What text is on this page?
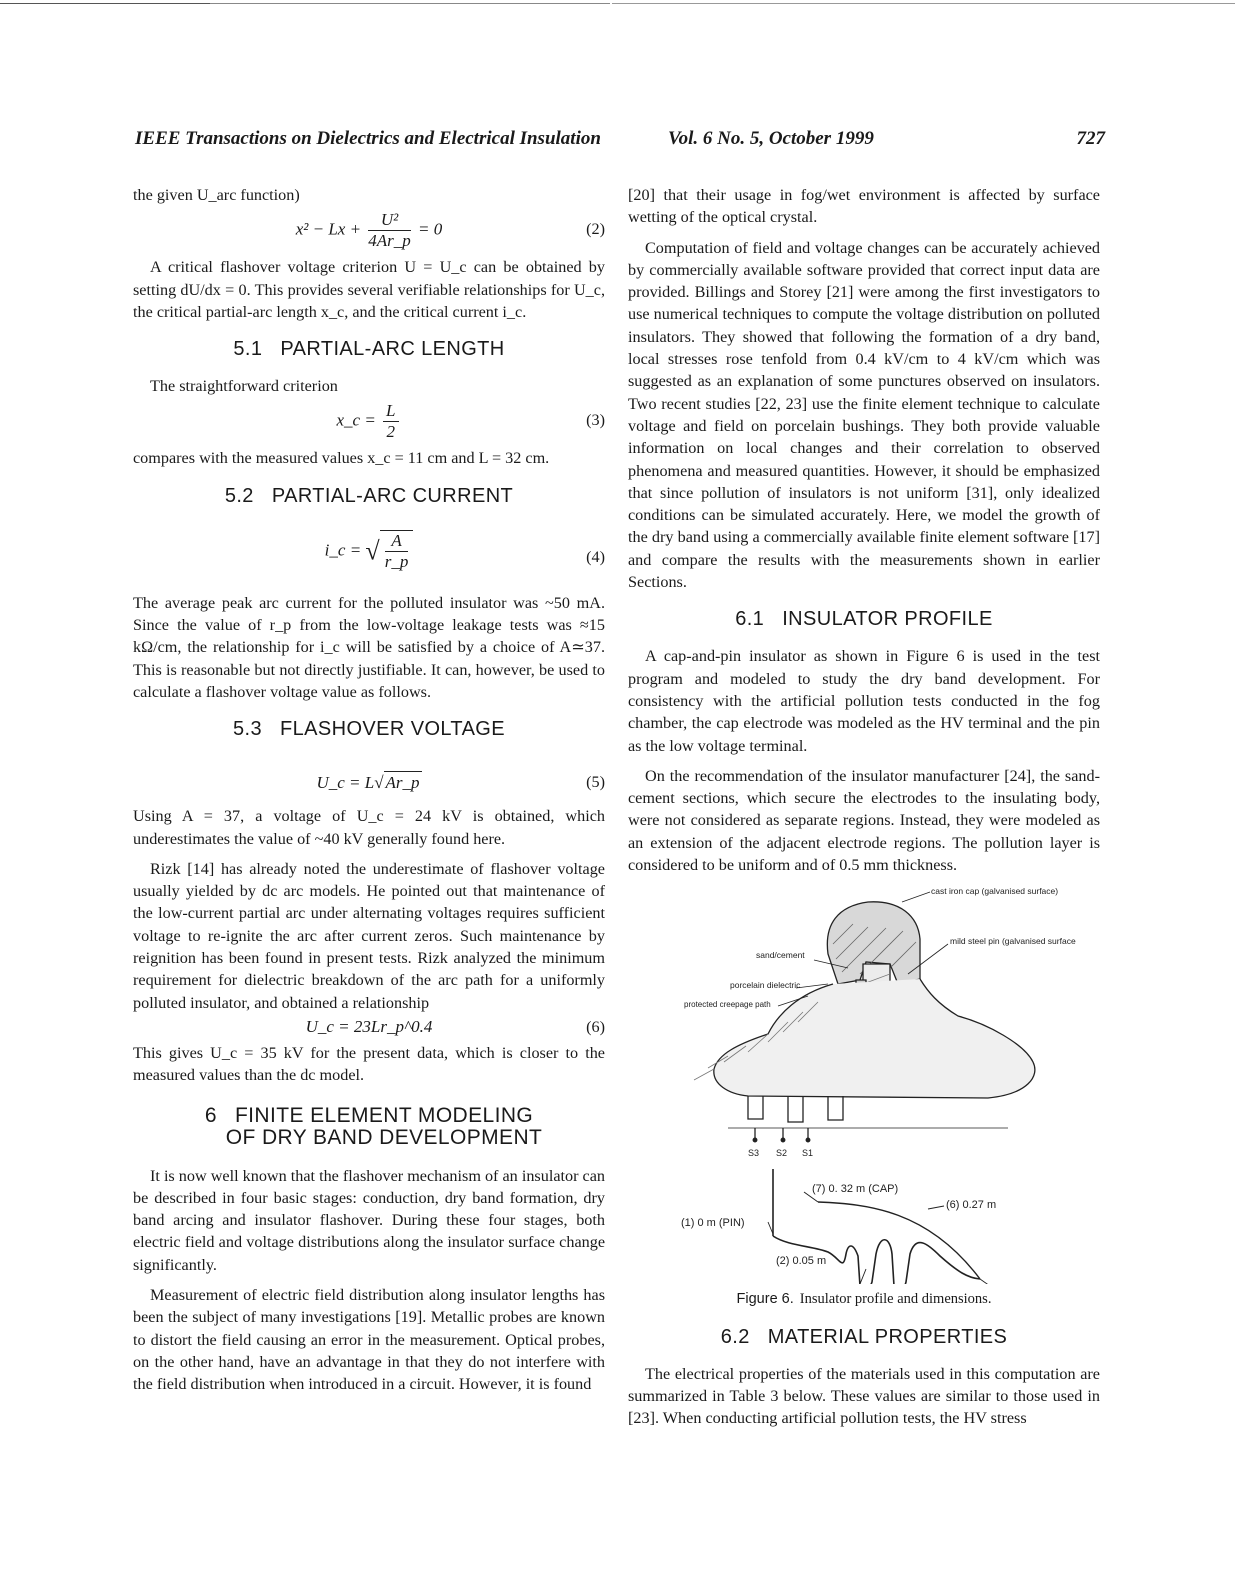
IEEE Transactions on Dielectrics and Electrical Insulation	Vol. 6 No. 5, October 1999	727

the given U_arc function)

$x^2 - Lx + \frac{\text{U²}}{4Ar\_p} = 0$	(2)

A critical flashover voltage criterion U = U_c can be obtained by setting dU/dx = 0. This provides several verifiable relationships for U_c, the critical partial-arc length x_c, and the critical current i_c.

5.1 PARTIAL-ARC LENGTH

The straightforward criterion

x_c = $\frac{L}{2}$	(3)

compares with the measured values x_c = 11 cm and L = 32 cm.

5.2 PARTIAL-ARC CURRENT
i_c = √ $\frac{A}{r\_p}$	(4)

The average peak arc current for the polluted insulator was ~50 mA. Since the value of r_p from the low-voltage leakage tests was ≈15 kΩ/cm, the relationship for i_c will be satisfied by a choice of A≃37. This is reasonable but not directly justifiable. It can, however, be used to calculate a flashover voltage value as follows.

5.3 FLASHOVER VOLTAGE
U_c = L√ Ar_p	(5)

Using A = 37, a voltage of U_c = 24 kV is obtained, which underestimates the value of ~40 kV generally found here.

Rizk [14] has already noted the underestimate of flashover voltage usually yielded by dc arc models. He pointed out that maintenance of the low-current partial arc under alternating voltages requires sufficient voltage to re-ignite the arc after current zeros. Such maintenance by reignition has been found in present tests. Rizk analyzed the minimum requirement for dielectric breakdown of the arc path for a uniformly polluted insulator, and obtained a relationship

U_c = 23Lr_p^0.4	(6)

This gives U_c = 35 kV for the present data, which is closer to the measured values than the dc model.

6 FINITE ELEMENT MODELING
OF DRY BAND DEVELOPMENT

It is now well known that the flashover mechanism of an insulator can be described in four basic stages: conduction, dry band formation, dry band arcing and insulator flashover. During these four stages, both electric field and voltage distributions along the insulator surface change significantly.

Measurement of electric field distribution along insulator lengths has been the subject of many investigations [19]. Metallic probes are known to distort the field causing an error in the measurement. Optical probes, on the other hand, have an advantage in that they do not interfere with the field distribution when introduced in a circuit. However, it is found

[20] that their usage in fog/wet environment is affected by surface wetting of the optical crystal.

Computation of field and voltage changes can be accurately achieved by commercially available software provided that correct input data are provided. Billings and Storey [21] were among the first investigators to use numerical techniques to compute the voltage distribution on polluted insulators. They showed that following the formation of a dry band, local stresses rose tenfold from 0.4 kV/cm to 4 kV/cm which was suggested as an explanation of some punctures observed on insulators. Two recent studies [22, 23] use the finite element technique to calculate voltage and field on porcelain bushings. They both provide valuable information on local changes and their correlation to observed phenomena and measured quantities. However, it should be emphasized that since pollution of insulators is not uniform [31], only idealized conditions can be simulated accurately. Here, we model the growth of the dry band using a commercially available finite element software [17] and compare the results with the measurements shown in earlier Sections.

6.1 INSULATOR PROFILE

A cap-and-pin insulator as shown in Figure 6 is used in the test program and modeled to study the dry band development. For consistency with the artificial pollution tests conducted in the fog chamber, the cap electrode was modeled as the HV terminal and the pin as the low voltage terminal.

On the recommendation of the insulator manufacturer [24], the sand-cement sections, which secure the electrodes to the insulating body, were not considered as separate regions. Instead, they were modeled as an extension of the adjacent electrode regions. The pollution layer is considered to be uniform and of 0.5 mm thickness.

cast iron cap (galvanised surface)
mild steel pin (galvanised surface
sand/cement
porcelain dielectric
protected creepage path
S3 S2 S1
(7) 0. 32 m (CAP)
(6) 0.27 m
(1) 0 m (PIN)
(2) 0.05 m
Figure 6. Insulator profile and dimensions.
6.2 MATERIAL PROPERTIES

The electrical properties of the materials used in this computation are summarized in Table 3 below. These values are similar to those used in [23]. When conducting artificial pollution tests, the HV stress
